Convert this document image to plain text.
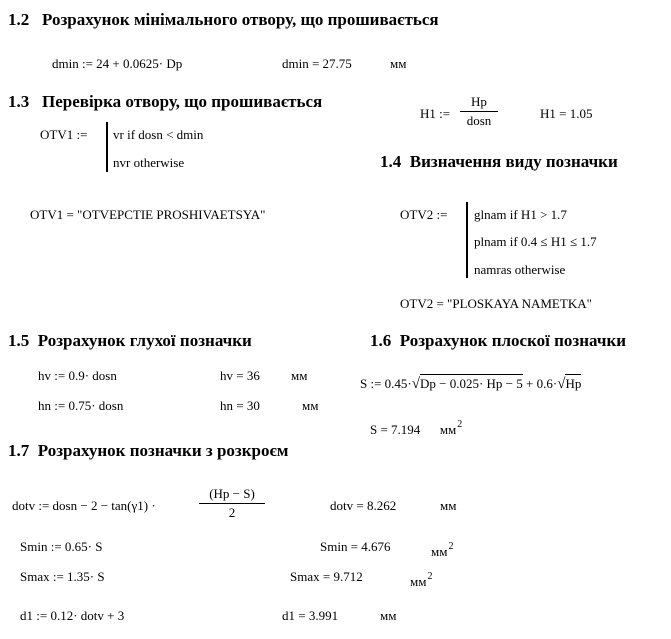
1.2 Розрахунок мінімального отвору, що прошивається
dmin := 24 + 0.0625· Dp	dmin = 27.75	мм
1.3 Перевірка отвору, що прошивається
H1 :=
Hp
dosn	H1 = 1.05
OTV1 := vr if dosn < dmin
nvr otherwise	1.4 Визначення виду позначки
OTV1 = "OTVEPCTIE PROSHIVAETSYA"	OTV2 := glnam if H1 > 1.7
plnam if 0.4 ≤ H1 ≤ 1.7
namras otherwise
OTV2 = "PLOSKAYA NAMETKA"
1.5 Розрахунок глухої позначки
hv := 0.9· dosn	hv = 36 мм
hn := 0.75· dosn	hn = 30	мм
1.6 Розрахунок плоскої позначки
S := 0.45·√Dp − 0.025· Hp − 5 + 0.6·√Hp
S = 7.194 $мм^2$
1.7 Розрахунок позначки з розкроєм
dotv := dosn − 2 − tan(γ1) ·
(Hp − S)
2	dotv = 8.262	мм
Smin := 0.65· S	Smin = 4.676	$мм^2$
Smax := 1.35· S	Smax = 9.712	$мм^2$
d1 := 0.12· dotv + 3	d1 = 3.991	мм
